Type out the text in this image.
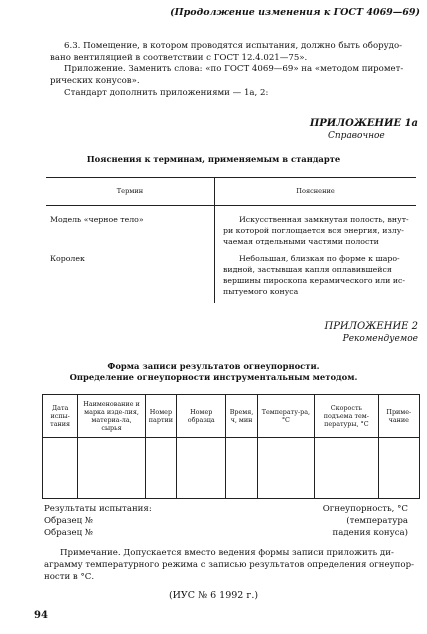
(Продолжение изменения к ГОСТ 4069—69)
6.3. Помещение, в котором проводятся испытания, должно быть оборудо-
вано вентиляцией в соответствии с ГОСТ 12.4.021—75».
Приложение. Заменить слова: «по ГОСТ 4069—69» на «методом пиромет-
рических конусов».
Стандарт дополнить приложениями — 1а, 2:
ПРИЛОЖЕНИЕ 1а
Справочное
Пояснения к терминам, применяемым в стандарте
Термин	Пояснение
Модель «черное тело»	Искусственная замкнутая полость, внут-
ри которой поглощается вся энергия, излу-
чаемая отдельными частями полости

Королек	Небольшая, близкая по форме к шаро-
видной, застывшая капля оплавившейся
вершины пироскопа керамического или ис-
пытуемого конуса
ПРИЛОЖЕНИЕ 2
Рекомендуемое
Форма записи результатов огнеупорности.
Определение огнеупорности инструментальным методом.
Дата испы-тания	Наименование и марка изде-лия, материа-ла, сырья	Номер партии	Номер образца	Время, ч, мин	Температу-ра, °С	Скорость подъема тем-пературы, °С	Приме-чание

Результаты испытания:
Образец №
Образец №
Огнеупорность, °С
(температура
падения конуса)
Примечание. Допускается вместо ведения формы записи приложить ди-
аграмму температурного режима с записью результатов определения огнеупор-
ности в °С.
(ИУС № 6 1992 г.)
94
